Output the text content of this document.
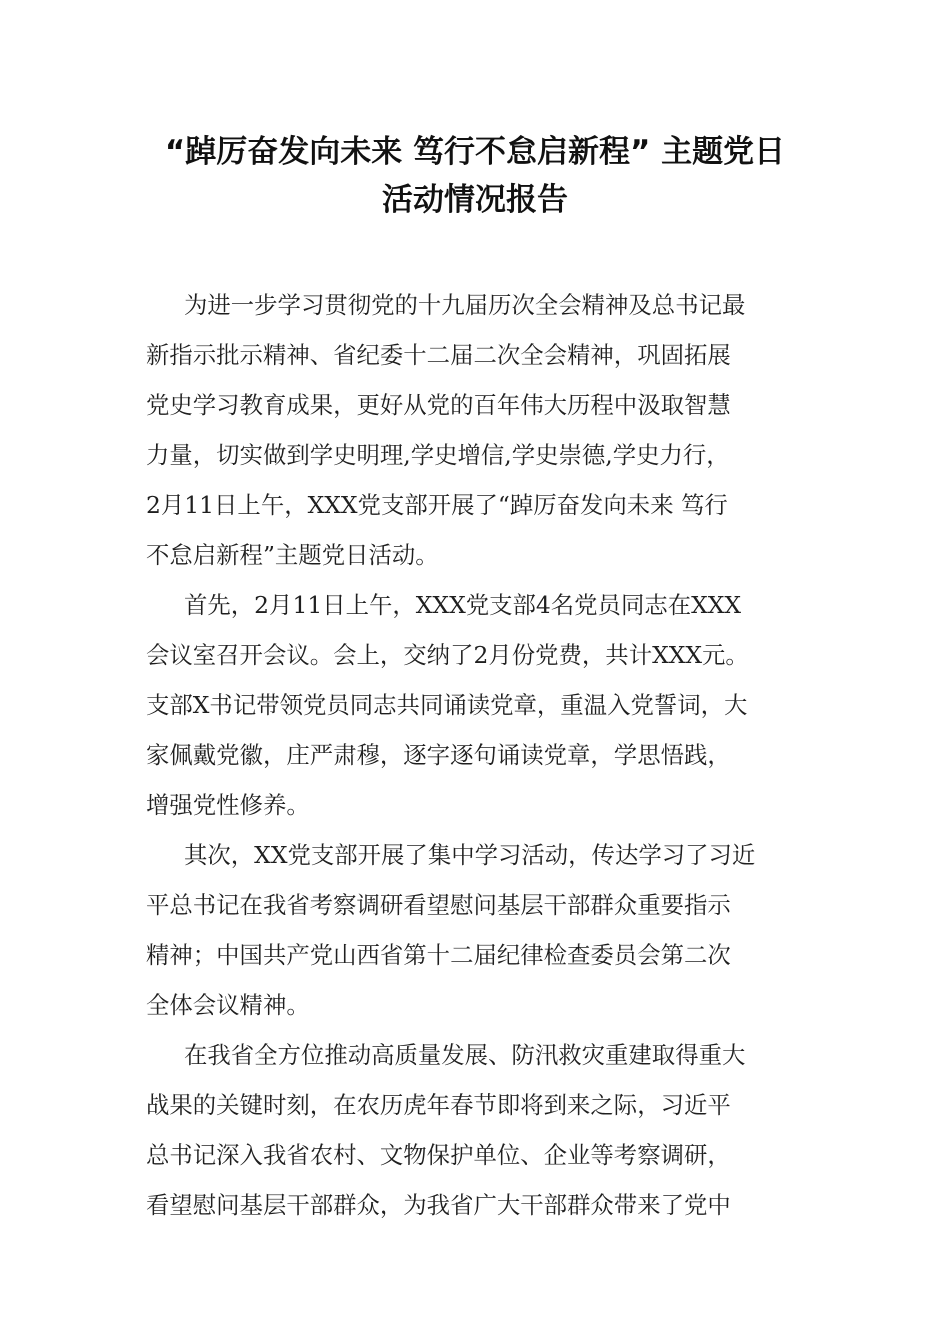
“踔厉奋发向未来 笃行不怠启新程” 主题党日
活动情况报告
为进一步学习贯彻党的十九届历次全会精神及总书记最
新指示批示精神、省纪委十二届二次全会精神，巩固拓展
党史学习教育成果，更好从党的百年伟大历程中汲取智慧
力量，切实做到学史明理,学史增信,学史崇德,学史力行，
2月11日上午，XXX党支部开展了“踔厉奋发向未来 笃行
不怠启新程”主题党日活动。
首先，2月11日上午，XXX党支部4名党员同志在XXX
会议室召开会议。会上，交纳了2月份党费，共计XXX元。
支部X书记带领党员同志共同诵读党章，重温入党誓词，大
家佩戴党徽，庄严肃穆，逐字逐句诵读党章，学思悟践，
增强党性修养。
其次，XX党支部开展了集中学习活动，传达学习了习近
平总书记在我省考察调研看望慰问基层干部群众重要指示
精神；中国共产党山西省第十二届纪律检查委员会第二次
全体会议精神。
在我省全方位推动高质量发展、防汛救灾重建取得重大
战果的关键时刻，在农历虎年春节即将到来之际，习近平
总书记深入我省农村、文物保护单位、企业等考察调研，
看望慰问基层干部群众，为我省广大干部群众带来了党中
